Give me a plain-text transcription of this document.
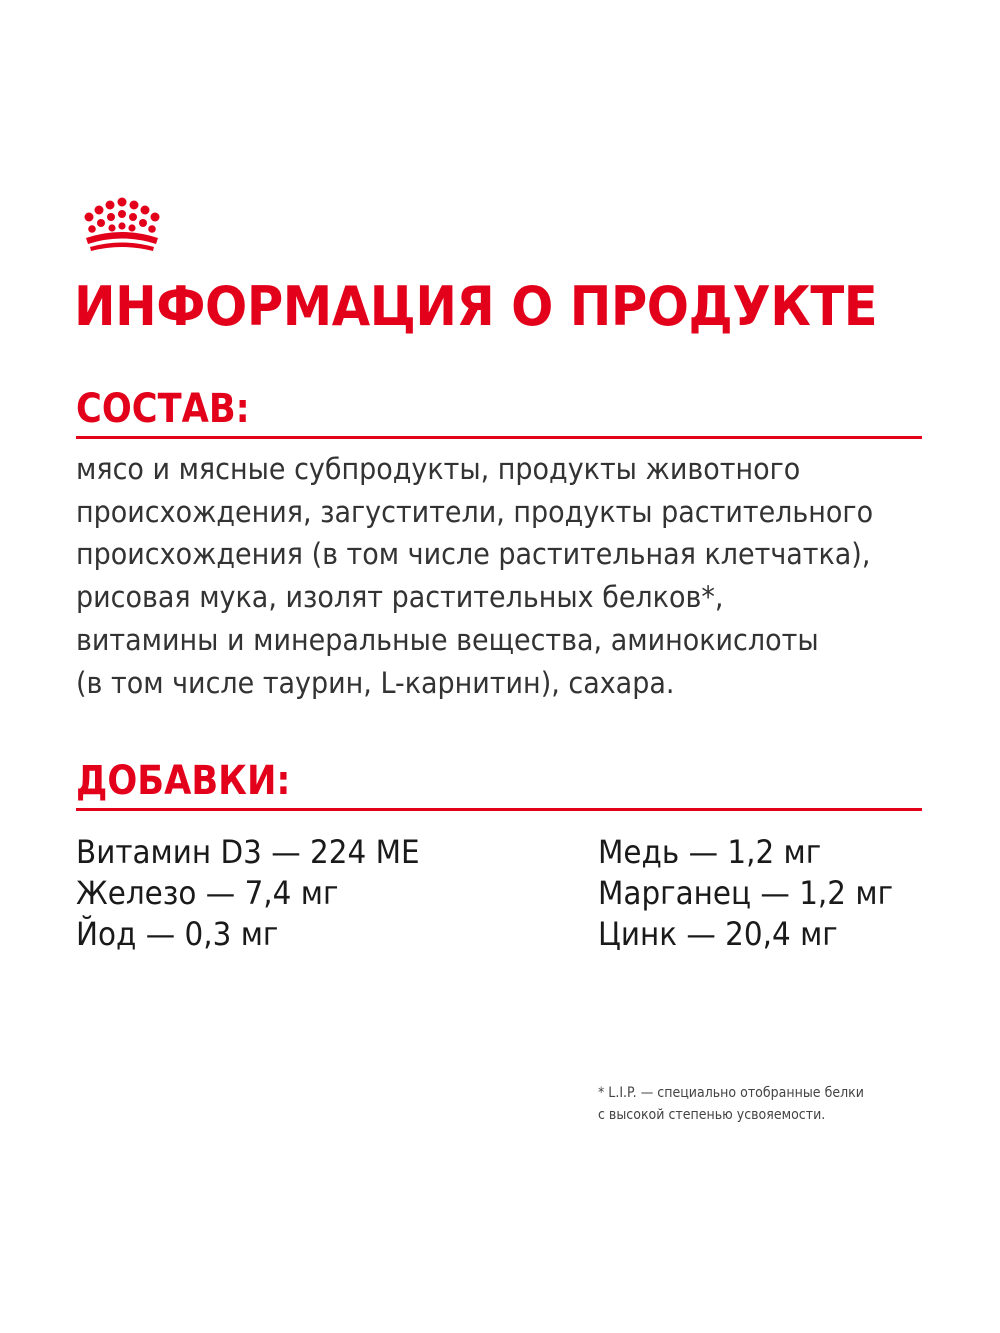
ИНФОРМАЦИЯ О ПРОДУКТЕ
СОСТАВ:

мясо и мясные субпродукты, продукты животного
происхождения, загустители, продукты растительного
происхождения (в том числе растительная клетчатка),
рисовая мука, изолят растительных белков*,
витамины и минеральные вещества, аминокислоты
(в том числе таурин, L-карнитин), сахара.

ДОБАВКИ:
Витамин D3 — 224 МЕ
Железо — 7,4 мг
Йод — 0,3 мг
Медь — 1,2 мг
Марганец — 1,2 мг
Цинк — 20,4 мг

* L.I.P. — специально отобранные белки
с высокой степенью усвояемости.
